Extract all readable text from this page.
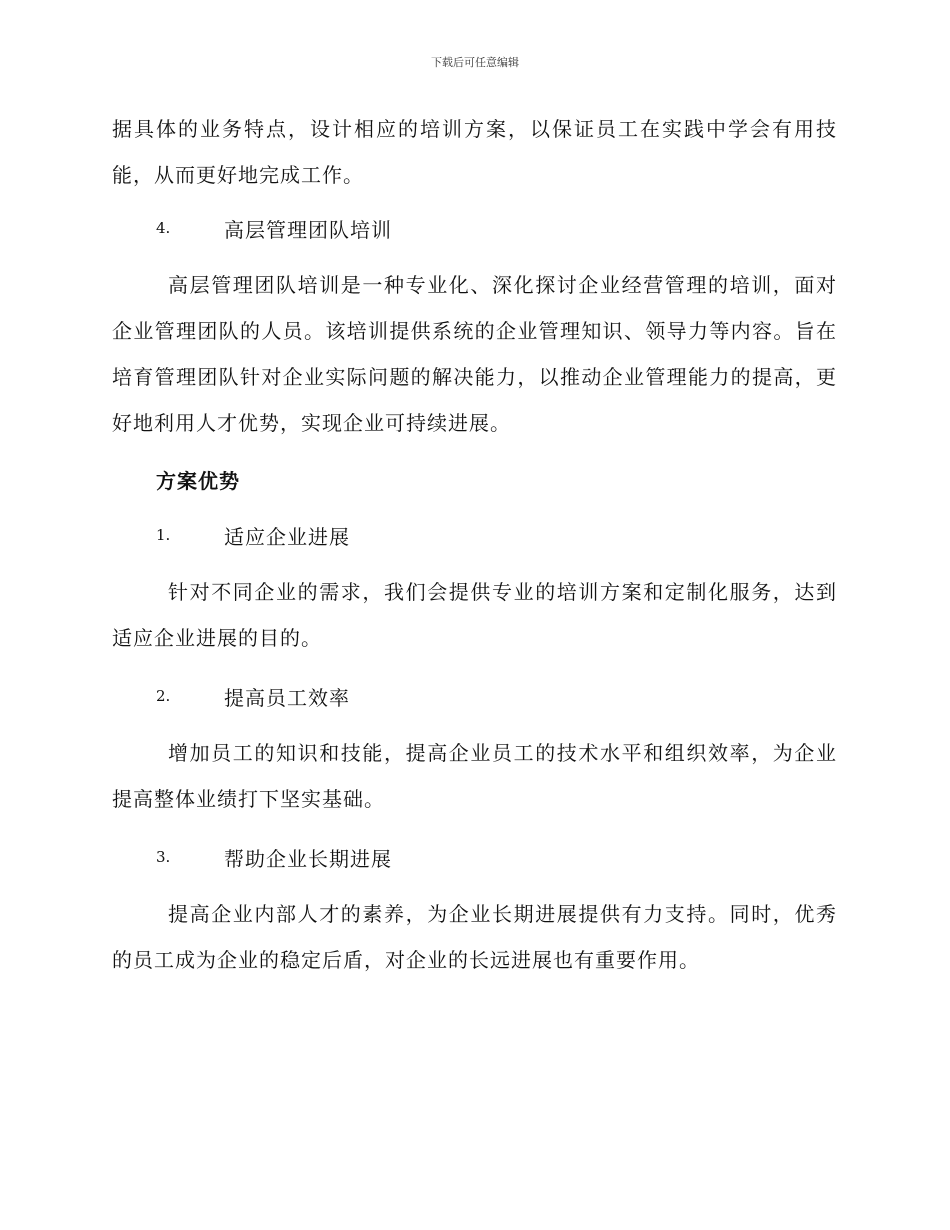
下载后可任意编辑

据具体的业务特点，设计相应的培训方案，以保证员工在实践中学会有用技能，从而更好地完成工作。

4.	高层管理团队培训

高层管理团队培训是一种专业化、深化探讨企业经营管理的培训，面对企业管理团队的人员。该培训提供系统的企业管理知识、领导力等内容。旨在培育管理团队针对企业实际问题的解决能力，以推动企业管理能力的提高，更好地利用人才优势，实现企业可持续进展。

方案优势
1.	适应企业进展

针对不同企业的需求，我们会提供专业的培训方案和定制化服务，达到适应企业进展的目的。

2.	提高员工效率

增加员工的知识和技能，提高企业员工的技术水平和组织效率，为企业提高整体业绩打下坚实基础。

3.	帮助企业长期进展

提高企业内部人才的素养，为企业长期进展提供有力支持。同时，优秀的员工成为企业的稳定后盾，对企业的长远进展也有重要作用。
